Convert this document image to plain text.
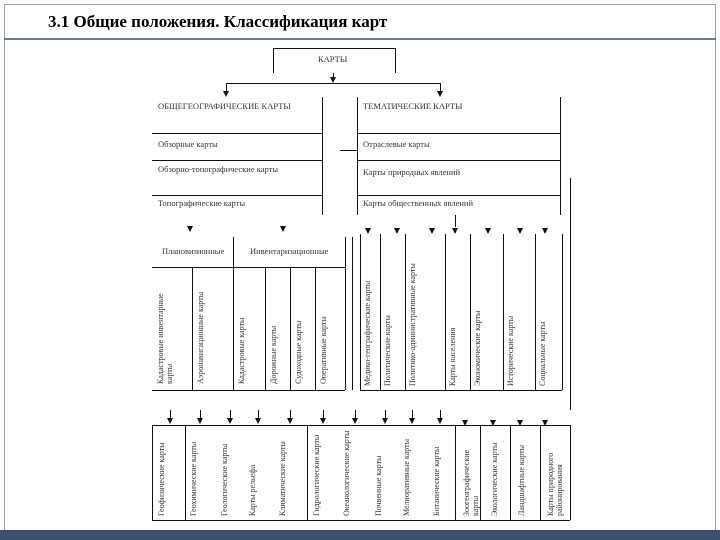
3.1 Общие положения. Классификация карт
КАРТЫ
ОБЩЕГЕОГРАФИЧЕСКИЕ КАРТЫ
Обзорные карты
Обзорно-топографические карты
Топографические карты
ТЕМАТИЧЕСКИЕ КАРТЫ
Отраслевые карты
Карты природных явлений
Карты общественных явлений
Плановизионные	Инвентаризационные
Кадастровые инвентарные карты	Аэронавигационные карты	Кадастровые карты	Дорожные карты	Судоходные карты	Оперативные карты	Медико-географические карты	Политические карты	Политико-административные карты	Карты населения	Экономические карты	Исторические карты	Социальные карты
Геофизические карты	Геохимические карты	Геологические карты	Карты рельефа	Климатические карты	Гидрологические карты	Океанологические карты	Почвенные карты	Мелиоративные карты	Ботанические карты	Зоогеографические карты	Экологические карты	Ландшафтные карты	Карты природного районирования
